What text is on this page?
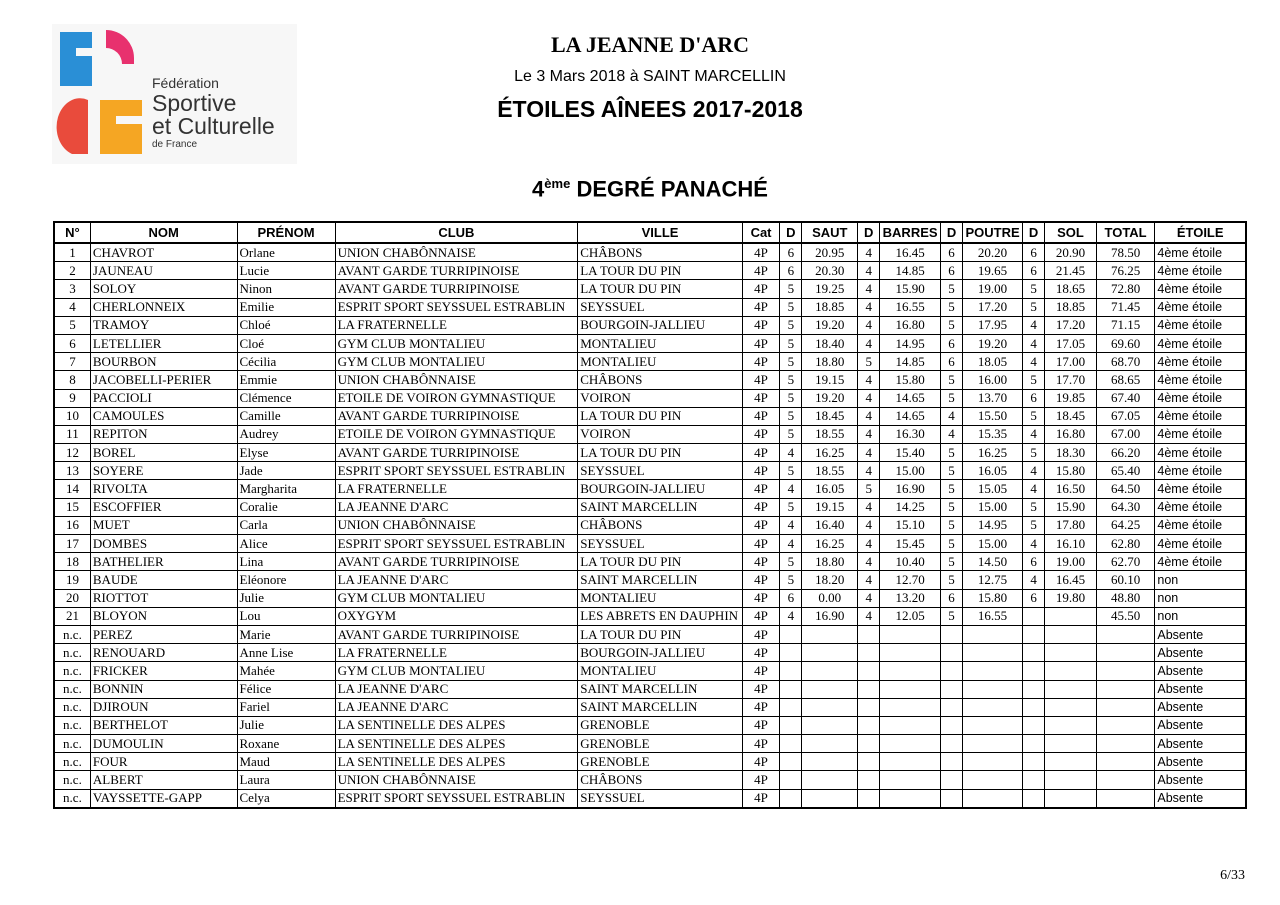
Fédération
Sportive
et Culturelle
de France
LA JEANNE D'ARC
Le 3 Mars 2018 à SAINT MARCELLIN
ÉTOILES AÎNEES 2017-2018
4ème DEGRÉ PANACHÉ
N°	NOM	PRÉNOM	CLUB	VILLE	Cat	D	SAUT	D	BARRES	D	POUTRE	D	SOL	TOTAL	ÉTOILE
1	CHAVROT	Orlane	UNION CHABÔNNAISE	CHÂBONS	4P	6	20.95	4	16.45	6	20.20	6	20.90	78.50	4ème étoile
2	JAUNEAU	Lucie	AVANT GARDE TURRIPINOISE	LA TOUR DU PIN	4P	6	20.30	4	14.85	6	19.65	6	21.45	76.25	4ème étoile
3	SOLOY	Ninon	AVANT GARDE TURRIPINOISE	LA TOUR DU PIN	4P	5	19.25	4	15.90	5	19.00	5	18.65	72.80	4ème étoile
4	CHERLONNEIX	Emilie	ESPRIT SPORT SEYSSUEL ESTRABLIN	SEYSSUEL	4P	5	18.85	4	16.55	5	17.20	5	18.85	71.45	4ème étoile
5	TRAMOY	Chloé	LA FRATERNELLE	BOURGOIN-JALLIEU	4P	5	19.20	4	16.80	5	17.95	4	17.20	71.15	4ème étoile
6	LETELLIER	Cloé	GYM CLUB MONTALIEU	MONTALIEU	4P	5	18.40	4	14.95	6	19.20	4	17.05	69.60	4ème étoile
7	BOURBON	Cécilia	GYM CLUB MONTALIEU	MONTALIEU	4P	5	18.80	5	14.85	6	18.05	4	17.00	68.70	4ème étoile
8	JACOBELLI-PERIER	Emmie	UNION CHABÔNNAISE	CHÂBONS	4P	5	19.15	4	15.80	5	16.00	5	17.70	68.65	4ème étoile
9	PACCIOLI	Clémence	ETOILE DE VOIRON GYMNASTIQUE	VOIRON	4P	5	19.20	4	14.65	5	13.70	6	19.85	67.40	4ème étoile
10	CAMOULES	Camille	AVANT GARDE TURRIPINOISE	LA TOUR DU PIN	4P	5	18.45	4	14.65	4	15.50	5	18.45	67.05	4ème étoile
11	REPITON	Audrey	ETOILE DE VOIRON GYMNASTIQUE	VOIRON	4P	5	18.55	4	16.30	4	15.35	4	16.80	67.00	4ème étoile
12	BOREL	Elyse	AVANT GARDE TURRIPINOISE	LA TOUR DU PIN	4P	4	16.25	4	15.40	5	16.25	5	18.30	66.20	4ème étoile
13	SOYERE	Jade	ESPRIT SPORT SEYSSUEL ESTRABLIN	SEYSSUEL	4P	5	18.55	4	15.00	5	16.05	4	15.80	65.40	4ème étoile
14	RIVOLTA	Margharita	LA FRATERNELLE	BOURGOIN-JALLIEU	4P	4	16.05	5	16.90	5	15.05	4	16.50	64.50	4ème étoile
15	ESCOFFIER	Coralie	LA JEANNE D'ARC	SAINT MARCELLIN	4P	5	19.15	4	14.25	5	15.00	5	15.90	64.30	4ème étoile
16	MUET	Carla	UNION CHABÔNNAISE	CHÂBONS	4P	4	16.40	4	15.10	5	14.95	5	17.80	64.25	4ème étoile
17	DOMBES	Alice	ESPRIT SPORT SEYSSUEL ESTRABLIN	SEYSSUEL	4P	4	16.25	4	15.45	5	15.00	4	16.10	62.80	4ème étoile
18	BATHELIER	Lina	AVANT GARDE TURRIPINOISE	LA TOUR DU PIN	4P	5	18.80	4	10.40	5	14.50	6	19.00	62.70	4ème étoile
19	BAUDE	Eléonore	LA JEANNE D'ARC	SAINT MARCELLIN	4P	5	18.20	4	12.70	5	12.75	4	16.45	60.10	non
20	RIOTTOT	Julie	GYM CLUB MONTALIEU	MONTALIEU	4P	6	0.00	4	13.20	6	15.80	6	19.80	48.80	non
21	BLOYON	Lou	OXYGYM	LES ABRETS EN DAUPHIN	4P	4	16.90	4	12.05	5	16.55			45.50	non
n.c.	PEREZ	Marie	AVANT GARDE TURRIPINOISE	LA TOUR DU PIN	4P										Absente
n.c.	RENOUARD	Anne Lise	LA FRATERNELLE	BOURGOIN-JALLIEU	4P										Absente
n.c.	FRICKER	Mahée	GYM CLUB MONTALIEU	MONTALIEU	4P										Absente
n.c.	BONNIN	Félice	LA JEANNE D'ARC	SAINT MARCELLIN	4P										Absente
n.c.	DJIROUN	Fariel	LA JEANNE D'ARC	SAINT MARCELLIN	4P										Absente
n.c.	BERTHELOT	Julie	LA SENTINELLE DES ALPES	GRENOBLE	4P										Absente
n.c.	DUMOULIN	Roxane	LA SENTINELLE DES ALPES	GRENOBLE	4P										Absente
n.c.	FOUR	Maud	LA SENTINELLE DES ALPES	GRENOBLE	4P										Absente
n.c.	ALBERT	Laura	UNION CHABÔNNAISE	CHÂBONS	4P										Absente
n.c.	VAYSSETTE-GAPP	Celya	ESPRIT SPORT SEYSSUEL ESTRABLIN	SEYSSUEL	4P										Absente
6/33
